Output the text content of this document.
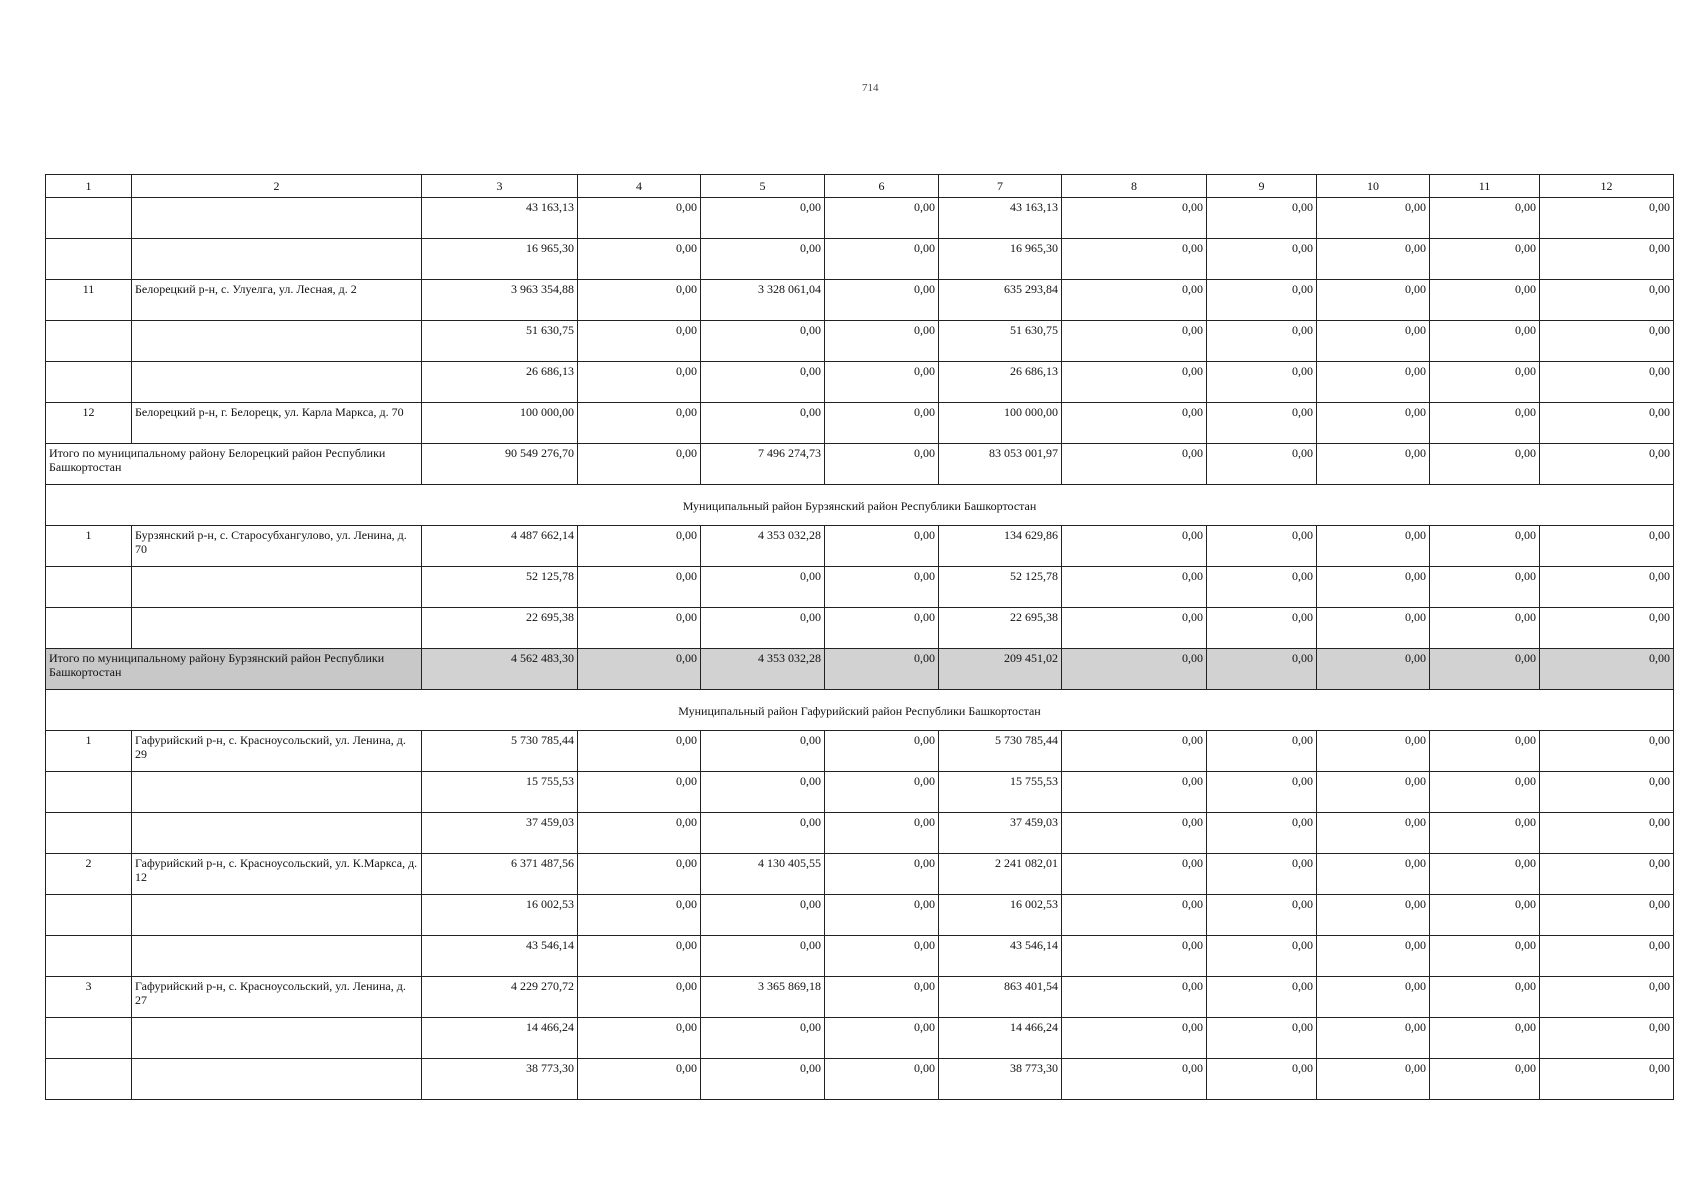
714
1	2	3	4	5	6	7	8	9	10	11	12
		43 163,13	0,00	0,00	0,00	43 163,13	0,00	0,00	0,00	0,00	0,00
		16 965,30	0,00	0,00	0,00	16 965,30	0,00	0,00	0,00	0,00	0,00
11	Белорецкий р-н, с. Улуелга, ул. Лесная, д. 2	3 963 354,88	0,00	3 328 061,04	0,00	635 293,84	0,00	0,00	0,00	0,00	0,00
		51 630,75	0,00	0,00	0,00	51 630,75	0,00	0,00	0,00	0,00	0,00
		26 686,13	0,00	0,00	0,00	26 686,13	0,00	0,00	0,00	0,00	0,00
12	Белорецкий р-н, г. Белорецк, ул. Карла Маркса, д. 70	100 000,00	0,00	0,00	0,00	100 000,00	0,00	0,00	0,00	0,00	0,00
Итого по муниципальному району Белорецкий район Республики Башкортостан		90 549 276,70	0,00	7 496 274,73	0,00	83 053 001,97	0,00	0,00	0,00	0,00	0,00
Муниципальный район Бурзянский район Республики Башкортостан											
1	Бурзянский р-н, с. Старосубхангулово, ул. Ленина, д. 70	4 487 662,14	0,00	4 353 032,28	0,00	134 629,86	0,00	0,00	0,00	0,00	0,00
		52 125,78	0,00	0,00	0,00	52 125,78	0,00	0,00	0,00	0,00	0,00
		22 695,38	0,00	0,00	0,00	22 695,38	0,00	0,00	0,00	0,00	0,00
Итого по муниципальному району Бурзянский район Республики Башкортостан		4 562 483,30	0,00	4 353 032,28	0,00	209 451,02	0,00	0,00	0,00	0,00	0,00
Муниципальный район Гафурийский район Республики Башкортостан											
1	Гафурийский р-н, с. Красноусольский, ул. Ленина, д. 29	5 730 785,44	0,00	0,00	0,00	5 730 785,44	0,00	0,00	0,00	0,00	0,00
		15 755,53	0,00	0,00	0,00	15 755,53	0,00	0,00	0,00	0,00	0,00
		37 459,03	0,00	0,00	0,00	37 459,03	0,00	0,00	0,00	0,00	0,00
2	Гафурийский р-н, с. Красноусольский, ул. К.Маркса, д. 12	6 371 487,56	0,00	4 130 405,55	0,00	2 241 082,01	0,00	0,00	0,00	0,00	0,00
		16 002,53	0,00	0,00	0,00	16 002,53	0,00	0,00	0,00	0,00	0,00
		43 546,14	0,00	0,00	0,00	43 546,14	0,00	0,00	0,00	0,00	0,00
3	Гафурийский р-н, с. Красноусольский, ул. Ленина, д. 27	4 229 270,72	0,00	3 365 869,18	0,00	863 401,54	0,00	0,00	0,00	0,00	0,00
		14 466,24	0,00	0,00	0,00	14 466,24	0,00	0,00	0,00	0,00	0,00
		38 773,30	0,00	0,00	0,00	38 773,30	0,00	0,00	0,00	0,00	0,00
